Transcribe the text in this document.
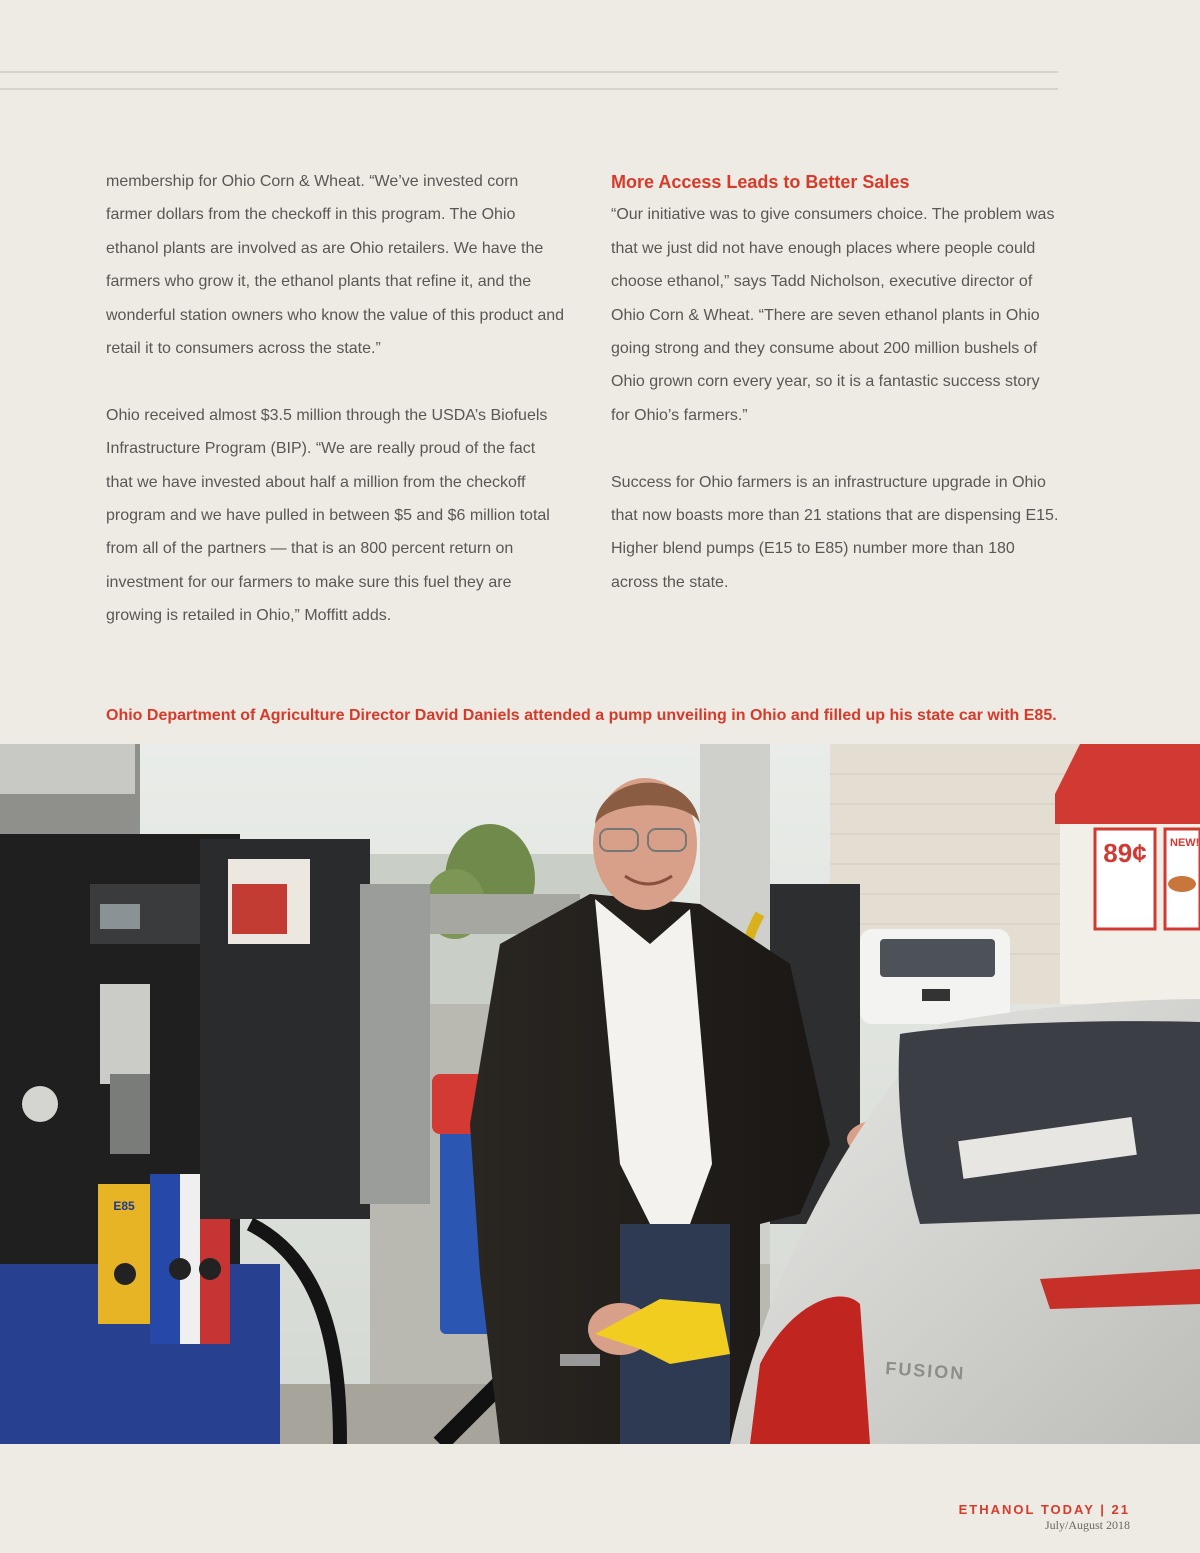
membership for Ohio Corn & Wheat. “We’ve invested corn farmer dollars from the checkoff in this program. The Ohio ethanol plants are involved as are Ohio retailers. We have the farmers who grow it, the ethanol plants that refine it, and the wonderful station owners who know the value of this product and retail it to consumers across the state.”

Ohio received almost $3.5 million through the USDA’s Biofuels Infrastructure Program (BIP). “We are really proud of the fact that we have invested about half a million from the checkoff program and we have pulled in between $5 and $6 million total from all of the partners — that is an 800 percent return on investment for our farmers to make sure this fuel they are growing is retailed in Ohio,” Moffitt adds.

More Access Leads to Better Sales

“Our initiative was to give consumers choice. The problem was that we just did not have enough places where people could choose ethanol,” says Tadd Nicholson, executive director of Ohio Corn & Wheat. “There are seven ethanol plants in Ohio going strong and they consume about 200 million bushels of Ohio grown corn every year, so it is a fantastic success story for Ohio’s farmers.”

Success for Ohio farmers is an infrastructure upgrade in Ohio that now boasts more than 21 stations that are dispensing E15. Higher blend pumps (E15 to E85) number more than 180 across the state.

Ohio Department of Agriculture Director David Daniels attended a pump unveiling in Ohio and filled up his state car with E85.
89¢ NEW!
E85
FUSION
ETHANOL TODAY | 21
July/August 2018
